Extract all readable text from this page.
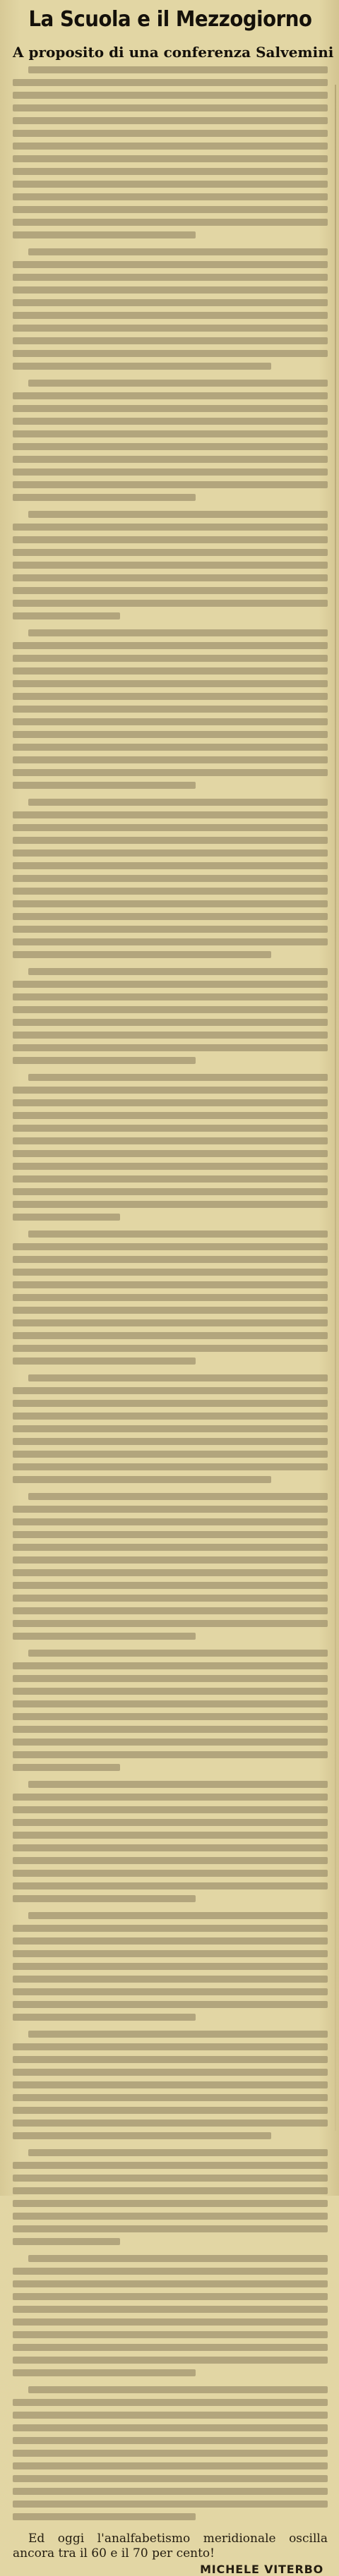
La Scuola e il Mezzogiorno
A proposito di una conferenza Salvemini

Ed oggi l'analfabetismo meridionale oscilla ancora tra il 60 e il 70 per cento!

MICHELE VITERBO
